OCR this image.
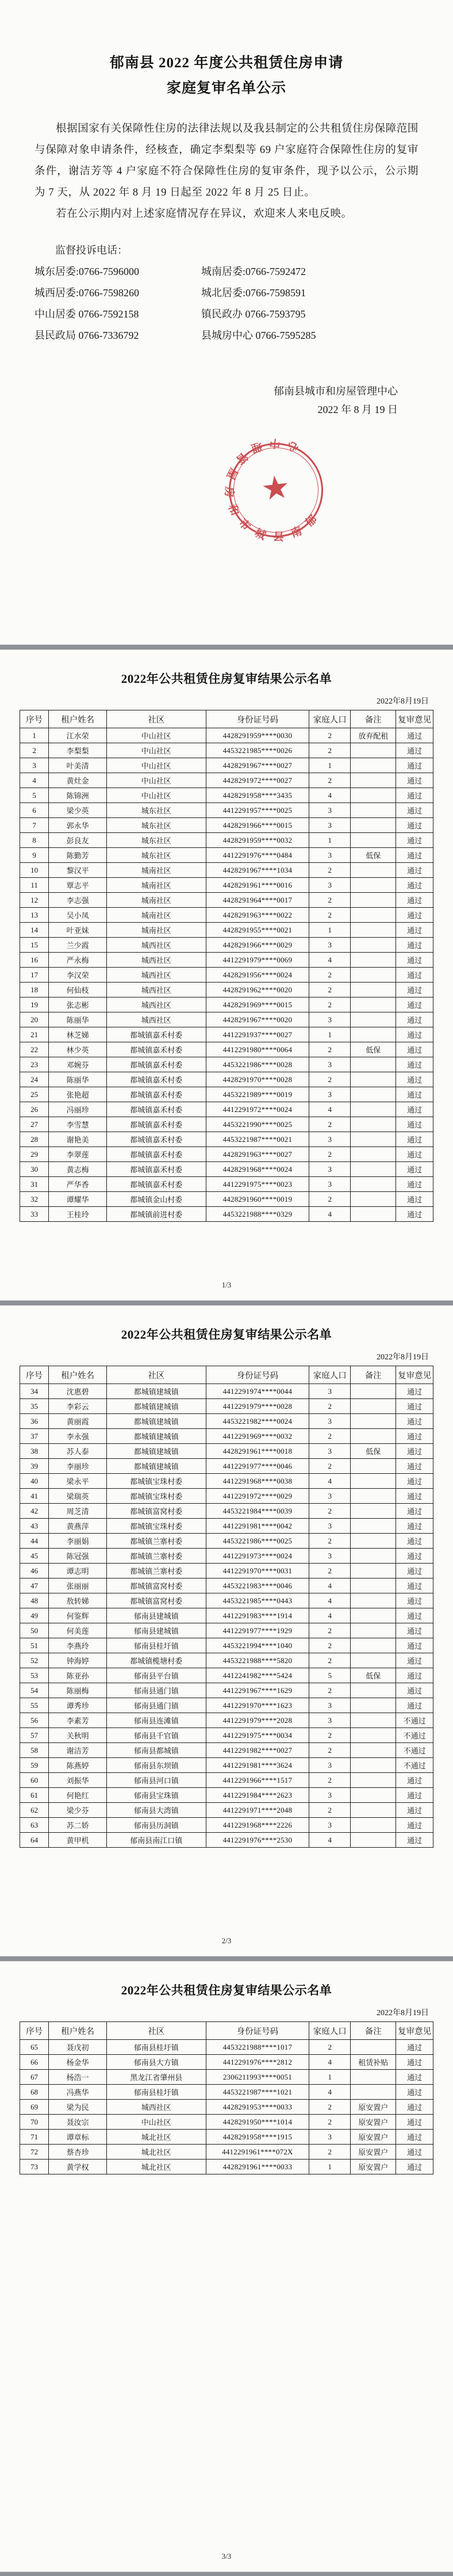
郁南县 2022 年度公共租赁住房申请
家庭复审名单公示

根据国家有关保障性住房的法律法规以及我县制定的公共租赁住房保障范围与保障对象申请条件，经核查，确定李梨梨等 69 户家庭符合保障性住房的复审条件，谢洁芳等 4 户家庭不符合保障性住房的复审条件，现予以公示，公示期为 7 天，从 2022 年 8 月 19 日起至 2022 年 8 月 25 日止。

若在公示期内对上述家庭情况存在异议，欢迎来人来电反映。

监督投诉电话：
城东居委:0766-7596000	城南居委:0766-7592472
城西居委:0766-7598260	城北居委:0766-7598591
中山居委 0766-7592158	镇民政办 0766-7593795
县民政局 0766-7336792	县城房中心 0766-7595285
郁南县城市和房屋管理中心
2022 年 8 月 19 日
★
郁
南
县
城
市
和
房
屋
管
理 中 心
2022年公共租赁住房复审结果公示名单
2022年8月19日
序号	租户姓名	社区	身份证号码	家庭人口	备注	复审意见
1	江水荣	中山社区	4428291959****0030	2	放弃配租	通过
2	李梨梨	中山社区	4453221985****0026	2		通过
3	叶美清	中山社区	4428291967****0027	1		通过
4	黄灶金	中山社区	4428291972****0027	2		通过
5	陈锦洲	中山社区	4428291958****3435	4		通过
6	梁少英	城东社区	4412291957****0025	3		通过
7	郭永华	城东社区	4428291966****0015	3		通过
8	彭良友	城东社区	4428291959****0032	1		通过
9	陈勤芳	城东社区	4412291976****0484	3	低保	通过
10	黎汉平	城南社区	4428291967****1034	2		通过
11	覃志平	城南社区	4428291961****0016	3		通过
12	李志强	城南社区	4428291964****0017	2		通过
13	吴小凤	城南社区	4428291963****0022	2		通过
14	叶亚妹	城南社区	4428291955****0021	1		通过
15	兰少霞	城西社区	4428291966****0029	3		通过
16	严永梅	城西社区	4412291979****0069	4		通过
17	李汉荣	城西社区	4428291956****0024	2		通过
18	何仙枝	城西社区	4428291962****0020	2		通过
19	张志彬	城西社区	4428291969****0015	2		通过
20	陈丽华	城西社区	4428291967****0020	3		通过
21	林芝娣	都城镇嘉禾村委	4412291937****0027	1		通过
22	林少英	都城镇嘉禾村委	4412291980****0064	2	低保	通过
23	邓婉芬	都城镇嘉禾村委	4453221986****0028	3		通过
24	陈丽华	都城镇嘉禾村委	4428291970****0028	2		通过
25	张艳超	都城镇嘉禾村委	4453221989****0019	3		通过
26	冯丽珍	都城镇嘉禾村委	4412291972****0024	4		通过
27	李雪慧	都城镇嘉禾村委	4453221990****0025	2		通过
28	谢艳美	都城镇嘉禾村委	4453221987****0021	3		通过
29	李翠莲	都城镇嘉禾村委	4428291963****0027	2		通过
30	黄志梅	都城镇嘉禾村委	4428291968****0024	3		通过
31	严华香	都城镇嘉禾村委	4412291975****0023	3		通过
32	谭耀华	都城镇金山村委	4428291960****0019	2		通过
33	王桂玲	都城镇前进村委	4453221988****0329	4		通过
1/3
2022年公共租赁住房复审结果公示名单
2022年8月19日
序号	租户姓名	社区	身份证号码	家庭人口	备注	复审意见
34	沈惠碧	都城镇建城镇	4412291974****0044	3		通过
35	李彩云	都城镇建城镇	4412291979****0028	2		通过
36	黄丽霞	都城镇建城镇	4453221982****0024	3		通过
37	李永强	都城镇建城镇	4412291969****0032	2		通过
38	苏人泰	都城镇建城镇	4428291961****0018	3	低保	通过
39	李丽珍	都城镇建城镇	4412291977****0046	2		通过
40	梁永平	都城镇宝珠村委	4412291968****0038	4		通过
41	梁瑞英	都城镇宝珠村委	4412291972****0029	3		通过
42	周芝清	都城镇富窝村委	4453221984****0039	2		通过
43	黄燕萍	都城镇宝珠村委	4412291981****0042	3		通过
44	李丽娟	都城镇兰寨村委	4453221986****0025	2		通过
45	陈冠强	都城镇兰寨村委	4412291973****0024	3		通过
46	谭志明	都城镇兰寨村委	4412291970****0031	2		通过
47	张丽丽	都城镇富窝村委	4453221983****0046	4		通过
48	敖转娣	都城镇富窝村委	4453221985****0443	4		通过
49	何鉴辉	郁南县建城镇	4412291983****1914	4		通过
50	何美莲	郁南县建城镇	4412291977****1929	2		通过
51	李燕玲	郁南县桂圩镇	4453221994****1040	2		通过
52	钟海婷	都城镇榄塘村委	4453221988****5820	2		通过
53	陈亚孙	郁南县平台镇	4412241982****5424	5	低保	通过
54	陈丽梅	郁南县通门镇	4412291967****1629	2		通过
55	谭秀珍	郁南县通门镇	4412291970****1623	3		通过
56	李素芳	郁南县连滩镇	4412291979****2028	3		不通过
57	关秋明	郁南县千官镇	4412291975****0034	2		不通过
58	谢洁芳	郁南县都城镇	4412291982****0027	2		不通过
59	陈燕婷	郁南县东坝镇	4412291981****3624	3		不通过
60	刘振华	郁南县河口镇	4412291966****1517	2		通过
61	何艳红	郁南县宝珠镇	4412291984****2623	3		通过
62	梁少芬	郁南县大湾镇	4412291971****2048	2		通过
63	苏二娇	郁南县历洞镇	4412291968****2226	3		通过
64	黄甲机	郁南县南江口镇	4412291976****2530	4		通过
2/3
2022年公共租赁住房复审结果公示名单
2022年8月19日
序号	租户姓名	社区	身份证号码	家庭人口	备注	复审意见
65	聂戊初	郁南县桂圩镇	4453221988****1017	2		通过
66	杨金华	郁南县大方镇	4412291976****2812	4	租赁补贴	通过
67	杨浩一	黑龙江省肇州县	2306211993****0051	1		通过
68	冯燕华	郁南县桂圩镇	4453221987****1021	4		通过
69	梁为民	城西社区	4428291953****0033	2	原安置户	通过
70	聂汝宗	中山社区	4428291950****1014	2	原安置户	通过
71	谭章标	城北社区	4428291958****1915	3	原安置户	通过
72	蔡杏珍	城北社区	4412291961****072X	2	原安置户	通过
73	黄学权	城北社区	4428291961****0033	1	原安置户	通过
3/3
